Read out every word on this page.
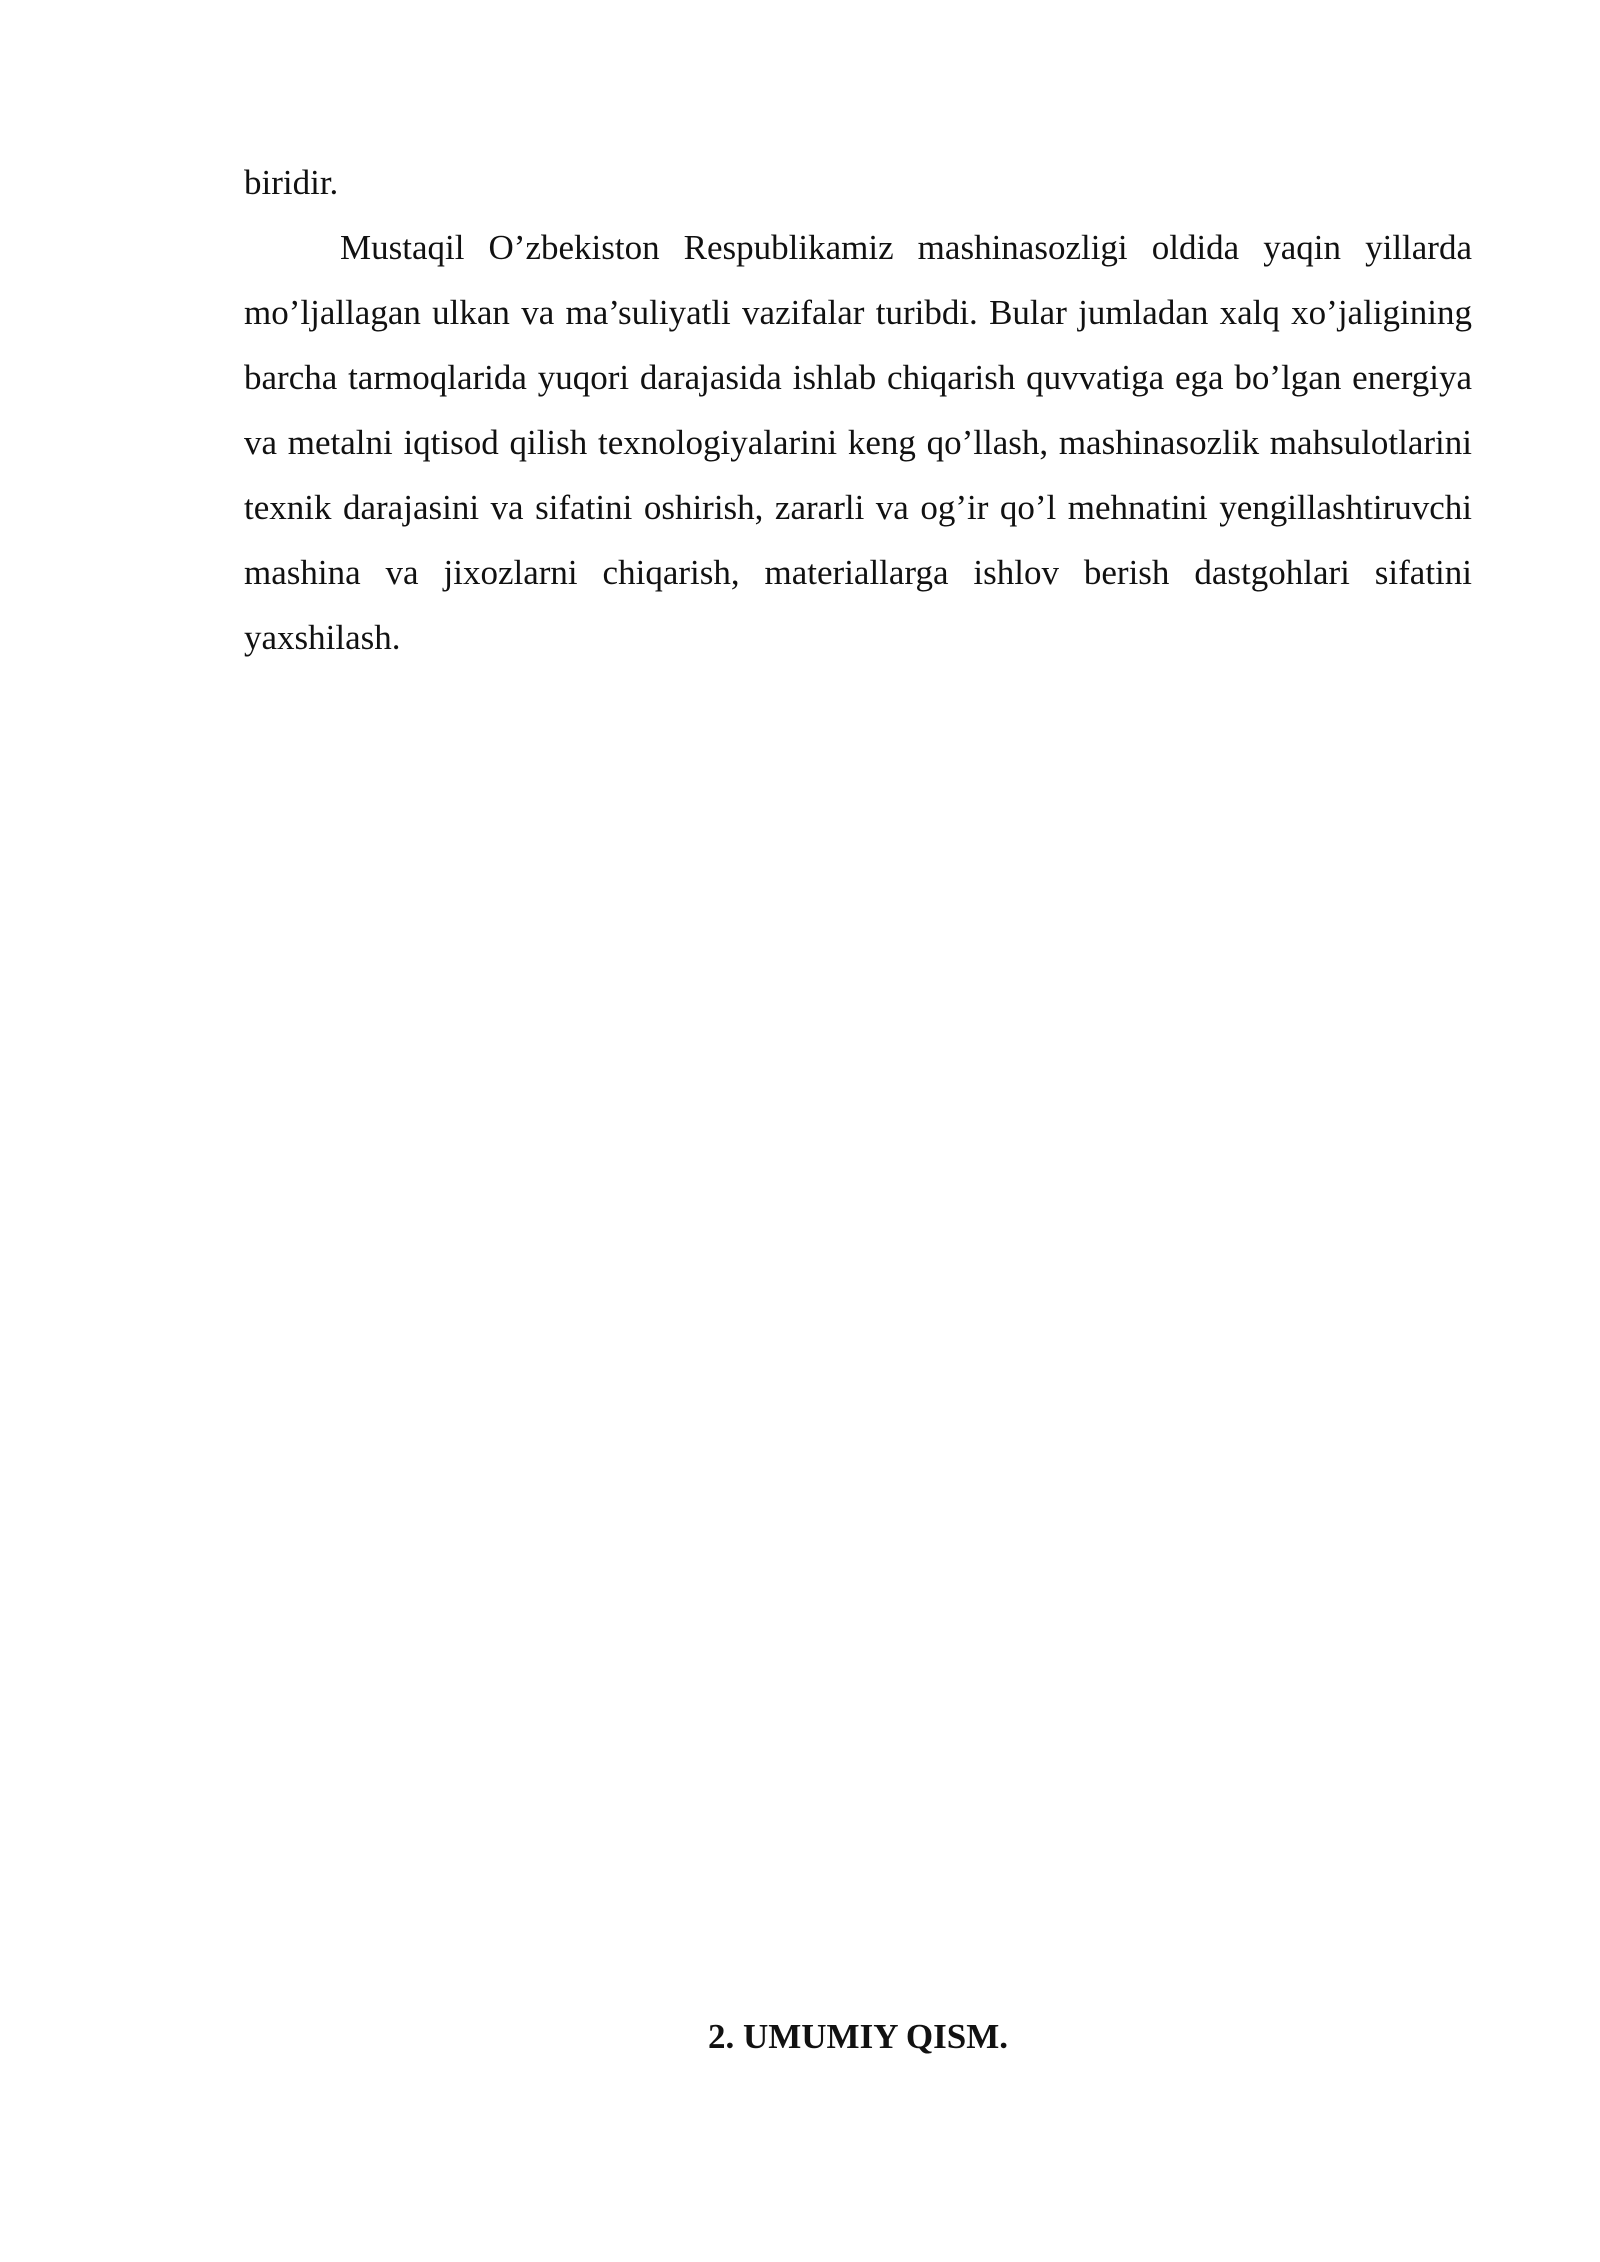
biridir.

Mustaqil O’zbekiston Respublikamiz mashinasozligi oldida yaqin yillarda mo’ljallagan ulkan va ma’suliyatli vazifalar turibdi. Bular jumladan xalq xo’jaligining barcha tarmoqlarida yuqori darajasida ishlab chiqarish quvvatiga ega bo’lgan energiya va metalni iqtisod qilish texnologiyalarini keng qo’llash, mashinasozlik mahsulotlarini texnik darajasini va sifatini oshirish, zararli va og’ir qo’l mehnatini yengillashtiruvchi mashina va jixozlarni chiqarish, materiallarga ishlov berish dastgohlari sifatini yaxshilash.

2. UMUMIY QISM.
